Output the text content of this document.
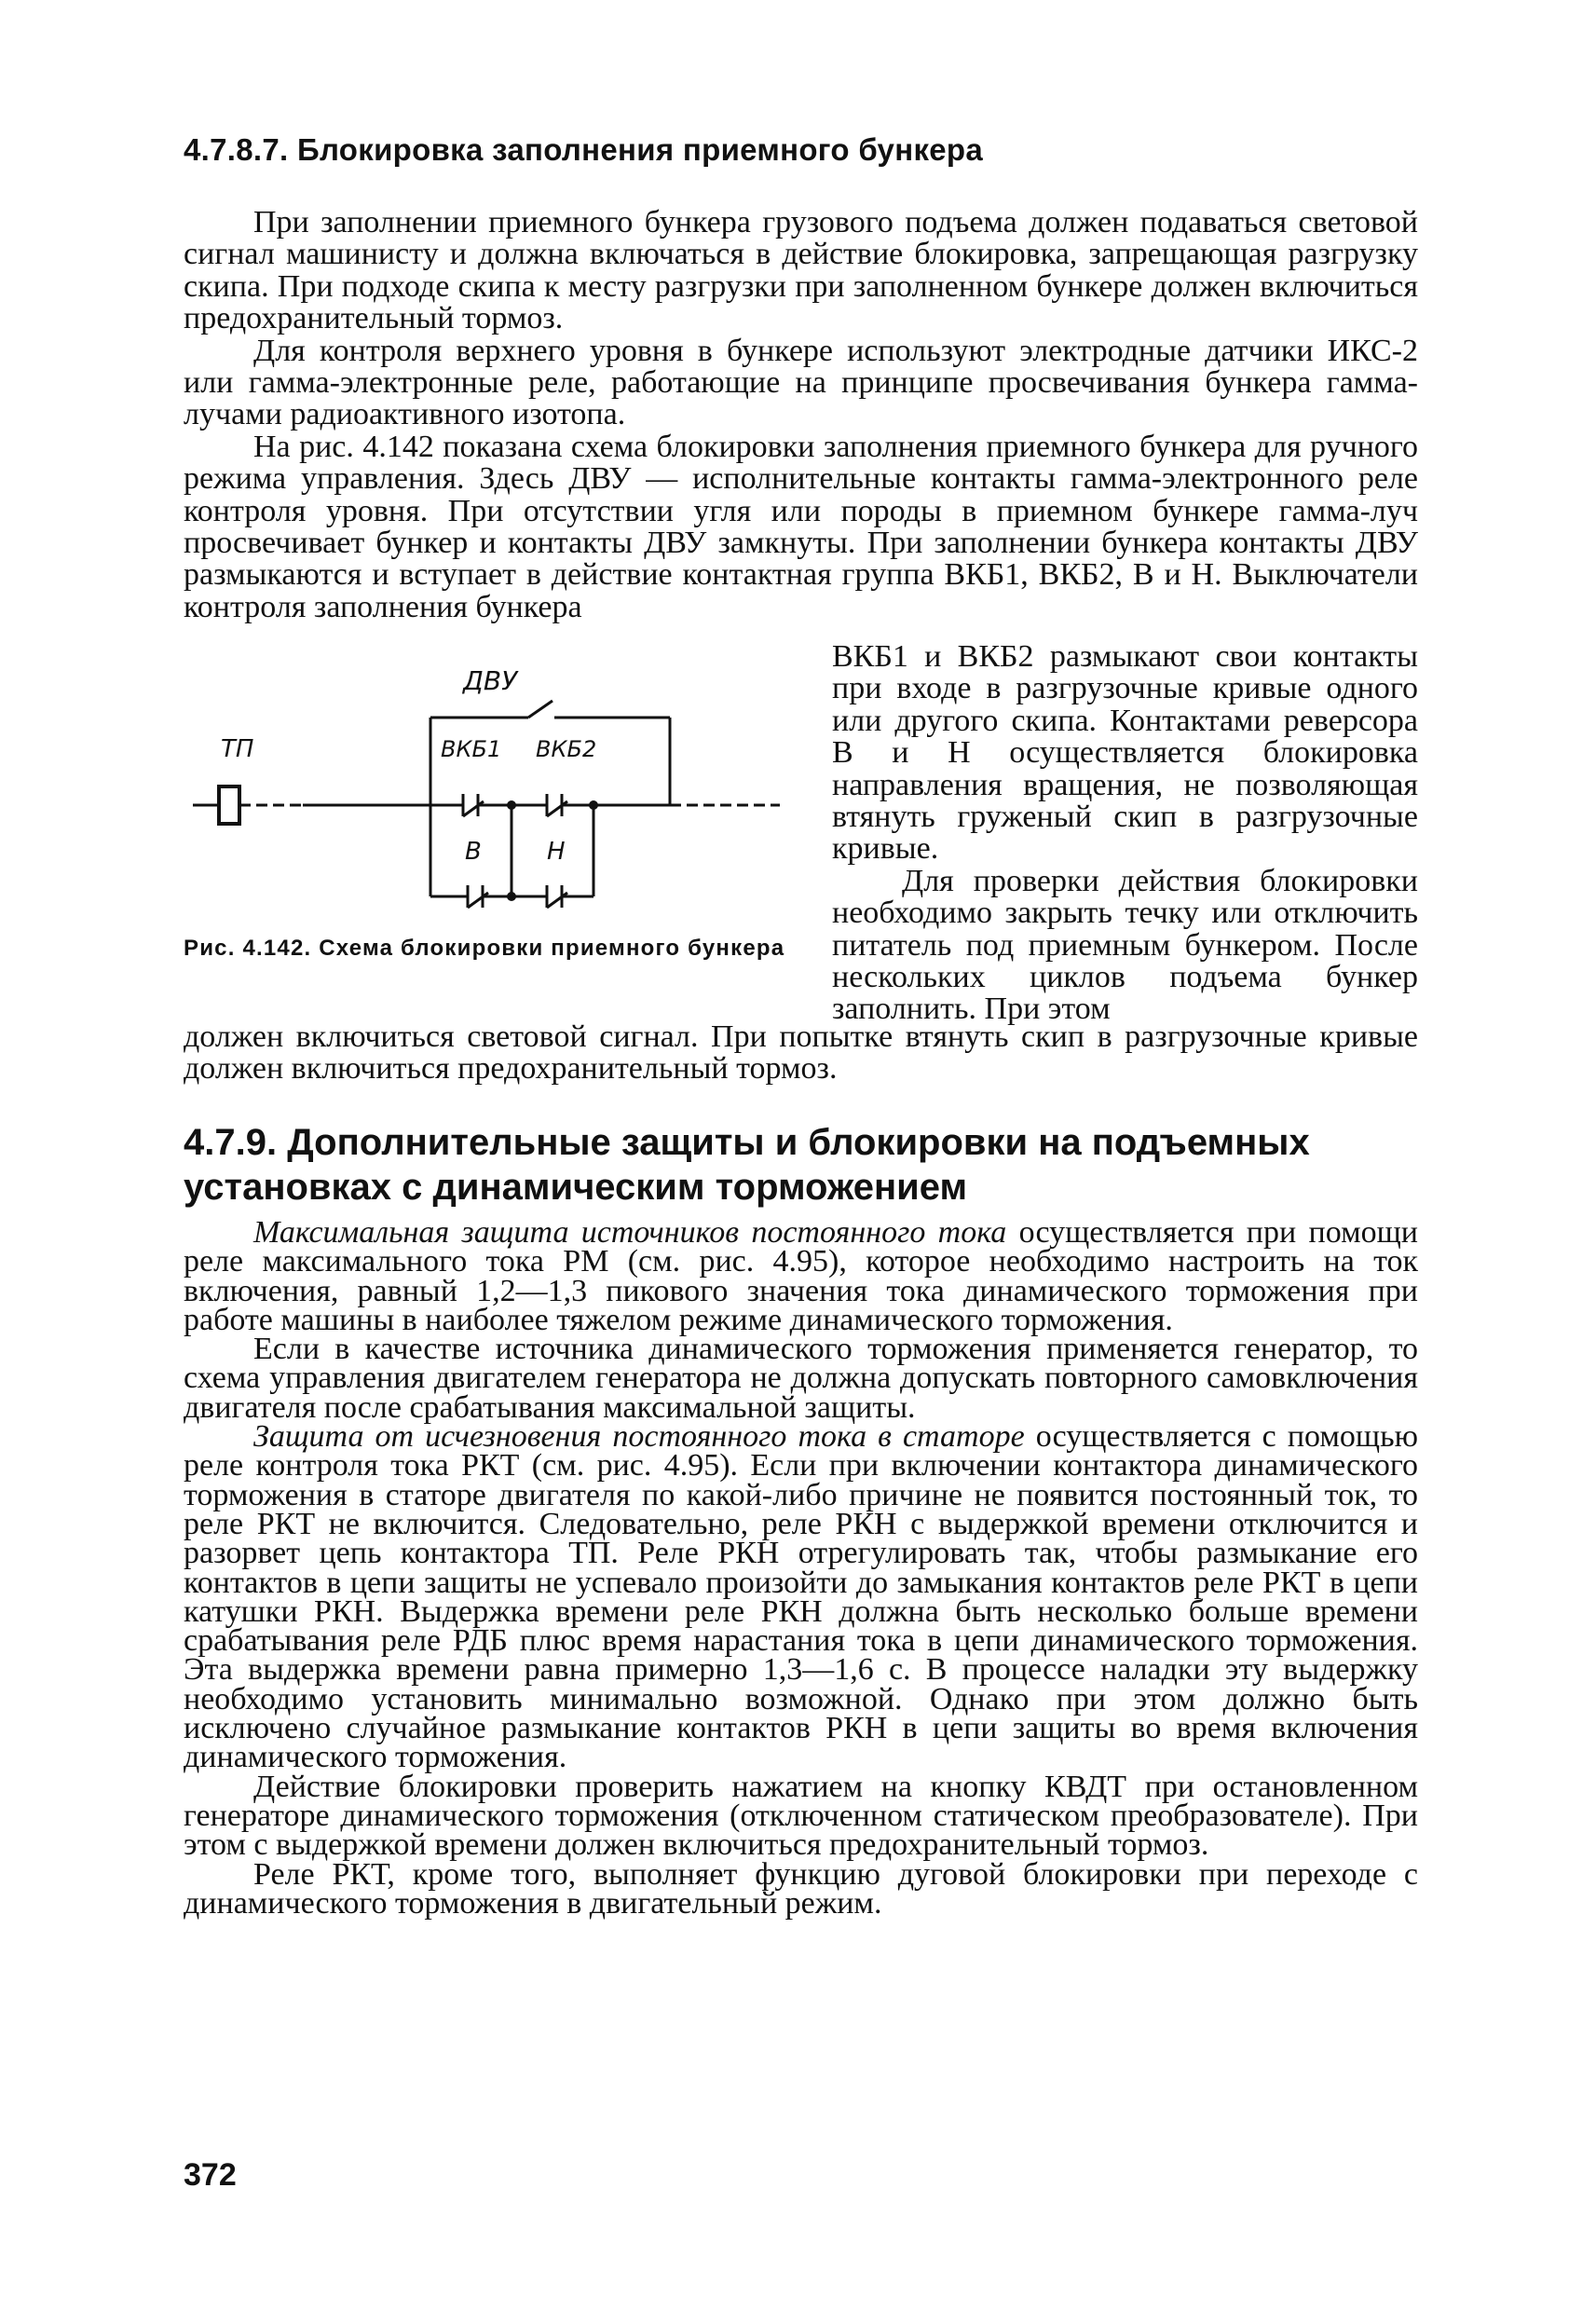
4.7.8.7. Блокировка заполнения приемного бункера

При заполнении приемного бункера грузового подъема должен подаваться световой сигнал машинисту и должна включаться в действие блокировка, запрещающая разгрузку скипа. При подходе скипа к месту разгрузки при заполненном бункере должен включиться предохранительный тормоз.

Для контроля верхнего уровня в бункере используют электродные датчики ИКС-2 или гамма-электронные реле, работающие на принципе просвечивания бункера гамма-лучами радиоактивного изотопа.

На рис. 4.142 показана схема блокировки заполнения приемного бункера для ручного режима управления. Здесь ДВУ — исполнительные контакты гамма-электронного реле контроля уровня. При отсутствии угля или породы в приемном бункере гамма-луч просвечивает бункер и контакты ДВУ замкнуты. При заполнении бункера контакты ДВУ размыкаются и вступает в действие контактная группа ВКБ1, ВКБ2, В и Н. Выключатели контроля заполнения бункера

ДВУ
ТП	ВКБ1 ВКБ2
В	Н
Рис. 4.142. Схема блокировки приемного бункера

ВКБ1 и ВКБ2 размыкают свои контакты при входе в разгрузочные кривые одного или другого скипа. Контактами реверсора В и Н осуществляется блокировка направления вращения, не позволяющая втянуть груженый скип в разгрузочные кривые.

Для проверки действия блокировки необходимо закрыть течку или отключить питатель под приемным бункером. После нескольких циклов подъема бункер заполнить. При этом

должен включиться световой сигнал. При попытке втянуть скип в разгрузочные кривые должен включиться предохранительный тормоз.

4.7.9. Дополнительные защиты и блокировки на подъемных установках с динамическим торможением

Максимальная защита источников постоянного тока осуществляется при помощи реле максимального тока РМ (см. рис. 4.95), которое необходимо настроить на ток включения, равный 1,2—1,3 пикового значения тока динамического торможения при работе машины в наиболее тяжелом режиме динамического торможения.

Если в качестве источника динамического торможения применяется генератор, то схема управления двигателем генератора не должна допускать повторного самовключения двигателя после срабатывания максимальной защиты.

Защита от исчезновения постоянного тока в статоре осуществляется с помощью реле контроля тока РКТ (см. рис. 4.95). Если при включении контактора динамического торможения в статоре двигателя по какой-либо причине не появится постоянный ток, то реле РКТ не включится. Следовательно, реле РКН с выдержкой времени отключится и разорвет цепь контактора ТП. Реле РКН отрегулировать так, чтобы размыкание его контактов в цепи защиты не успевало произойти до замыкания контактов реле РКТ в цепи катушки РКН. Выдержка времени реле РКН должна быть несколько больше времени срабатывания реле РДБ плюс время нарастания тока в цепи динамического торможения. Эта выдержка времени равна примерно 1,3—1,6 с. В процессе наладки эту выдержку необходимо установить минимально возможной. Однако при этом должно быть исключено случайное размыкание контактов РКН в цепи защиты во время включения динамического торможения.

Действие блокировки проверить нажатием на кнопку КВДТ при остановленном генераторе динамического торможения (отключенном статическом преобразователе). При этом с выдержкой времени должен включиться предохранительный тормоз.

Реле РКТ, кроме того, выполняет функцию дуговой блокировки при переходе с динамического торможения в двигательный режим.

372
